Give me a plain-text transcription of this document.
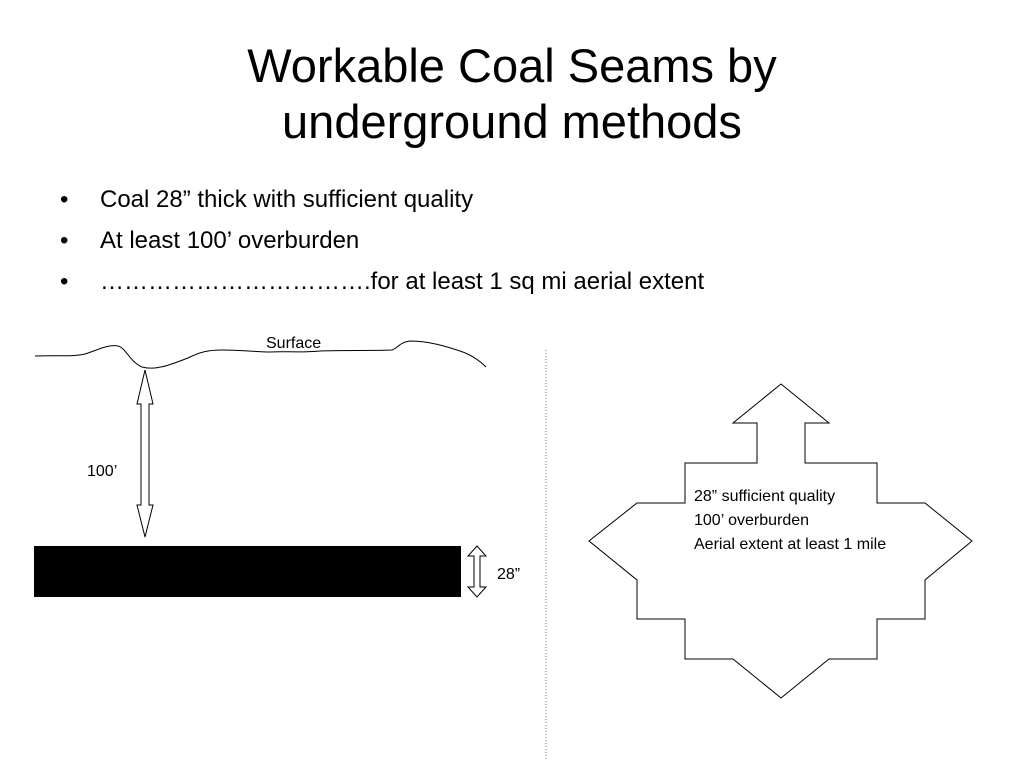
Workable Coal Seams by
underground methods
• Coal 28” thick with sufficient quality
• At least 100’ overburden
• …………………………….for at least 1 sq mi aerial extent
Surface
100’
28”
28” sufficient quality
100’ overburden
Aerial extent at least 1 mile
